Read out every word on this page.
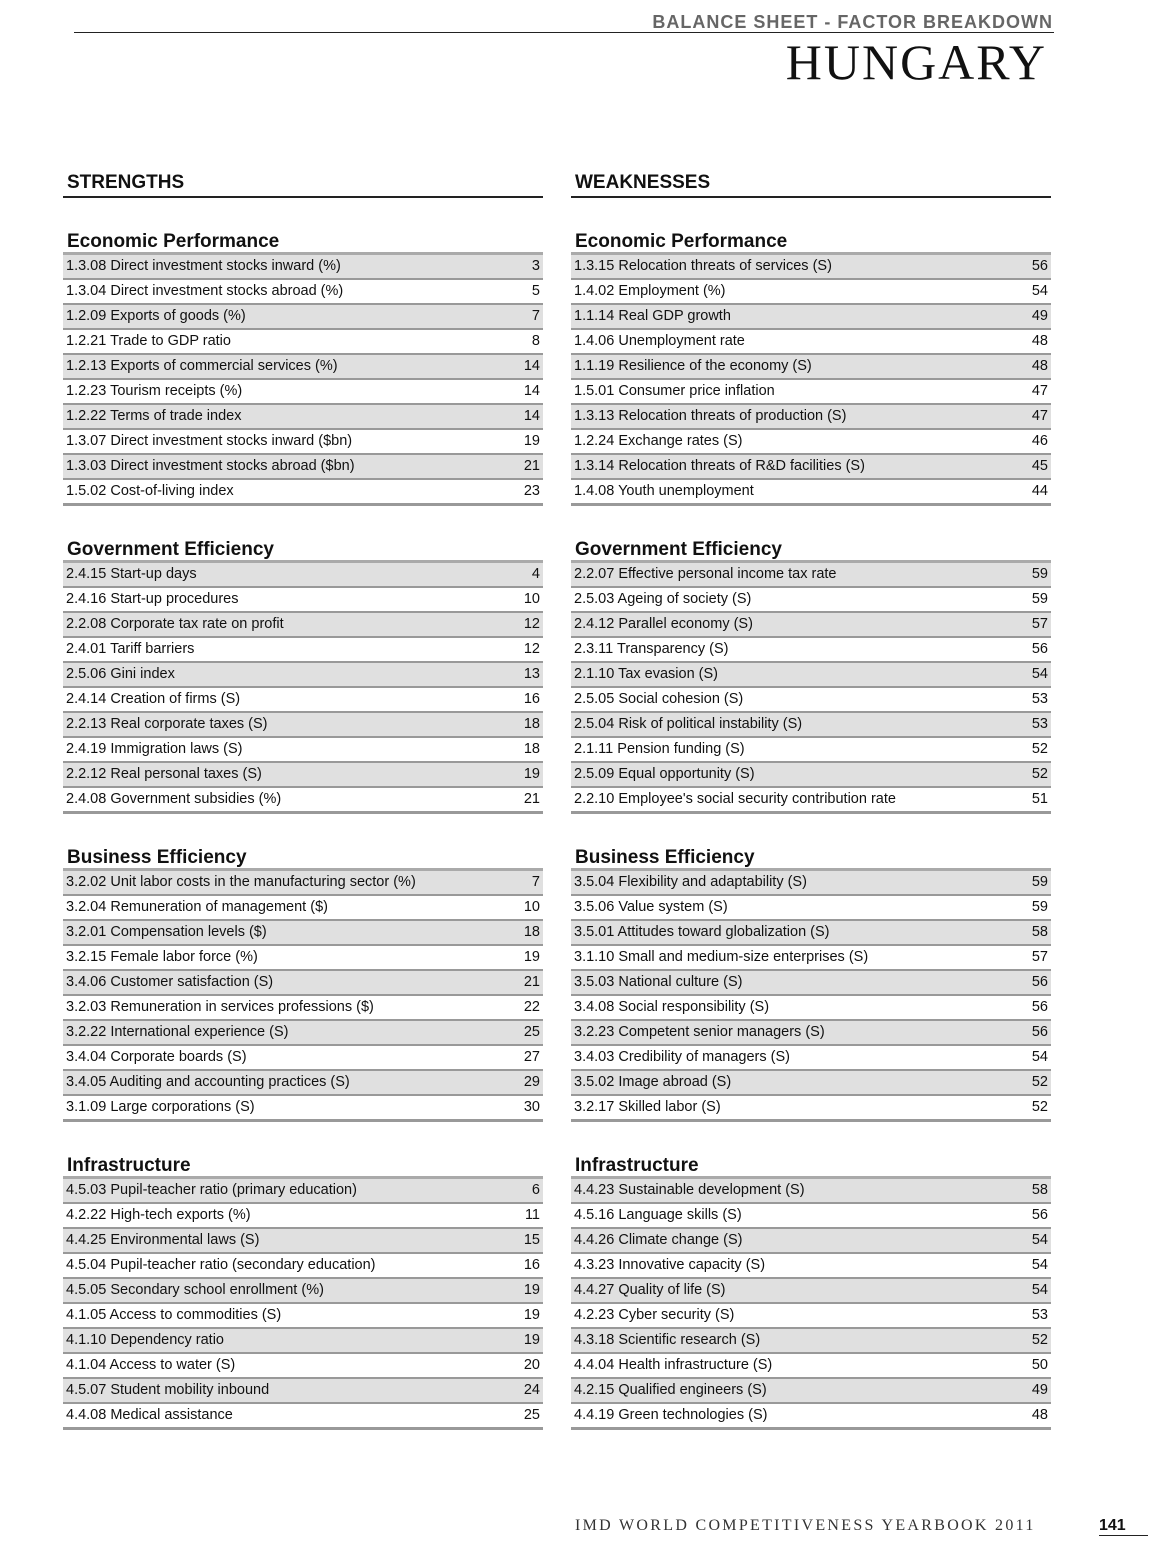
BALANCE SHEET - FACTOR BREAKDOWN
HUNGARY
STRENGTHS
Economic Performance
1.3.08 Direct investment stocks inward (%)	3
1.3.04 Direct investment stocks abroad (%)	5
1.2.09 Exports of goods (%)	7
1.2.21 Trade to GDP ratio	8
1.2.13 Exports of commercial services (%)	14
1.2.23 Tourism receipts (%)	14
1.2.22 Terms of trade index	14
1.3.07 Direct investment stocks inward ($bn)	19
1.3.03 Direct investment stocks abroad ($bn)	21
1.5.02 Cost-of-living index	23
Government Efficiency
2.4.15 Start-up days	4
2.4.16 Start-up procedures	10
2.2.08 Corporate tax rate on profit	12
2.4.01 Tariff barriers	12
2.5.06 Gini index	13
2.4.14 Creation of firms (S)	16
2.2.13 Real corporate taxes (S)	18
2.4.19 Immigration laws (S)	18
2.2.12 Real personal taxes (S)	19
2.4.08 Government subsidies (%)	21
Business Efficiency
3.2.02 Unit labor costs in the manufacturing sector (%)	7
3.2.04 Remuneration of management ($)	10
3.2.01 Compensation levels ($)	18
3.2.15 Female labor force (%)	19
3.4.06 Customer satisfaction (S)	21
3.2.03 Remuneration in services professions ($)	22
3.2.22 International experience (S)	25
3.4.04 Corporate boards (S)	27
3.4.05 Auditing and accounting practices (S)	29
3.1.09 Large corporations (S)	30
Infrastructure
4.5.03 Pupil-teacher ratio (primary education)	6
4.2.22 High-tech exports (%)	11
4.4.25 Environmental laws (S)	15
4.5.04 Pupil-teacher ratio (secondary education)	16
4.5.05 Secondary school enrollment (%)	19
4.1.05 Access to commodities (S)	19
4.1.10 Dependency ratio	19
4.1.04 Access to water (S)	20
4.5.07 Student mobility inbound	24
4.4.08 Medical assistance	25
WEAKNESSES
Economic Performance
1.3.15 Relocation threats of services (S)	56
1.4.02 Employment (%)	54
1.1.14 Real GDP growth	49
1.4.06 Unemployment rate	48
1.1.19 Resilience of the economy (S)	48
1.5.01 Consumer price inflation	47
1.3.13 Relocation threats of production (S)	47
1.2.24 Exchange rates (S)	46
1.3.14 Relocation threats of R&D facilities (S)	45
1.4.08 Youth unemployment	44
Government Efficiency
2.2.07 Effective personal income tax rate	59
2.5.03 Ageing of society (S)	59
2.4.12 Parallel economy (S)	57
2.3.11 Transparency (S)	56
2.1.10 Tax evasion (S)	54
2.5.05 Social cohesion (S)	53
2.5.04 Risk of political instability (S)	53
2.1.11 Pension funding (S)	52
2.5.09 Equal opportunity (S)	52
2.2.10 Employee's social security contribution rate	51
Business Efficiency
3.5.04 Flexibility and adaptability (S)	59
3.5.06 Value system (S)	59
3.5.01 Attitudes toward globalization (S)	58
3.1.10 Small and medium-size enterprises (S)	57
3.5.03 National culture (S)	56
3.4.08 Social responsibility (S)	56
3.2.23 Competent senior managers (S)	56
3.4.03 Credibility of managers (S)	54
3.5.02 Image abroad (S)	52
3.2.17 Skilled labor (S)	52
Infrastructure
4.4.23 Sustainable development (S)	58
4.5.16 Language skills (S)	56
4.4.26 Climate change (S)	54
4.3.23 Innovative capacity (S)	54
4.4.27 Quality of life (S)	54
4.2.23 Cyber security (S)	53
4.3.18 Scientific research (S)	52
4.4.04 Health infrastructure (S)	50
4.2.15 Qualified engineers (S)	49
4.4.19 Green technologies (S)	48
IMD WORLD COMPETITIVENESS YEARBOOK 2011	141
